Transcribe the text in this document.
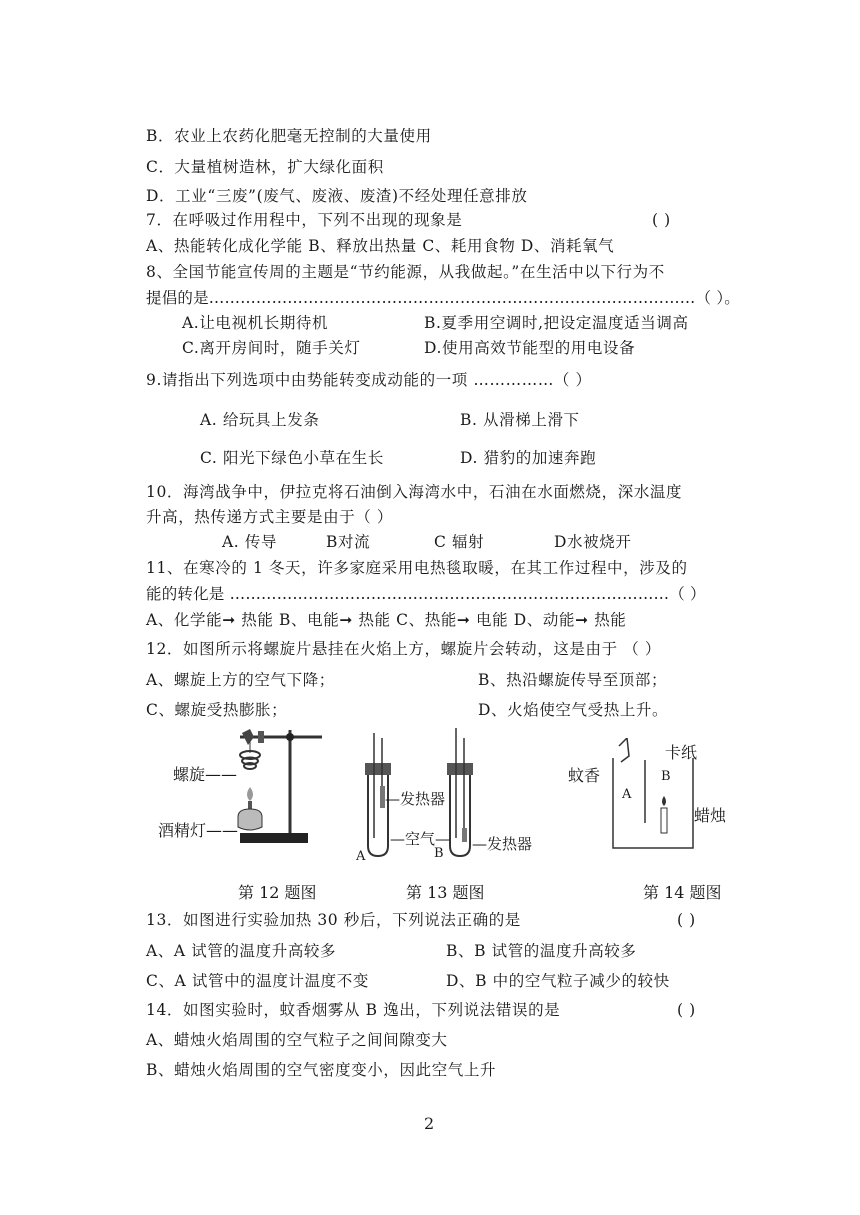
B．农业上农药化肥毫无控制的大量使用
C．大量植树造林，扩大绿化面积
D．工业“三废”(废气、废液、废渣)不经处理任意排放
7．在呼吸过作用程中，下列不出现的现象是	( )
A、热能转化成化学能 B、释放出热量 C、耗用食物 D、消耗氧气
8、全国节能宣传周的主题是“节约能源，从我做起。”在生活中以下行为不
提倡的是…………………………………………………………………………………（ ）。
A.让电视机长期待机	B.夏季用空调时,把设定温度适当调高
C.离开房间时，随手关灯	D.使用高效节能型的用电设备
9.请指出下列选项中由势能转变成动能的一项 ……………（ ）
A. 给玩具上发条	B. 从滑梯上滑下
C. 阳光下绿色小草在生长	D. 猎豹的加速奔跑
10．海湾战争中，伊拉克将石油倒入海湾水中，石油在水面燃烧，深水温度
升高，热传递方式主要是由于（ ）
A. 传导	B对流	C 辐射	D水被烧开
11、在寒冷的 1 冬天，许多家庭采用电热毯取暖，在其工作过程中，涉及的
能的转化是 …………………………………………………………………………（ ）
A、化学能➞ 热能 B、电能➞ 热能 C、热能➞ 电能 D、动能➞ 热能
12．如图所示将螺旋片悬挂在火焰上方，螺旋片会转动，这是由于 （ ）
A、螺旋上方的空气下降；	B、热沿螺旋传导至顶部；
C、螺旋受热膨胀；	D、火焰使空气受热上升。
螺旋——
酒精灯——
—发热器
—空气— —发热器
A	B
蚊香
卡纸
蜡烛
A
B
第 12 题图	第 13 题图	第 14 题图
13．如图进行实验加热 30 秒后，下列说法正确的是	( )
A、A 试管的温度升高较多	B、B 试管的温度升高较多
C、A 试管中的温度计温度不变	D、B 中的空气粒子减少的较快
14．如图实验时，蚊香烟雾从 B 逸出，下列说法错误的是	( )
A、蜡烛火焰周围的空气粒子之间间隙变大
B、蜡烛火焰周围的空气密度变小，因此空气上升
2
